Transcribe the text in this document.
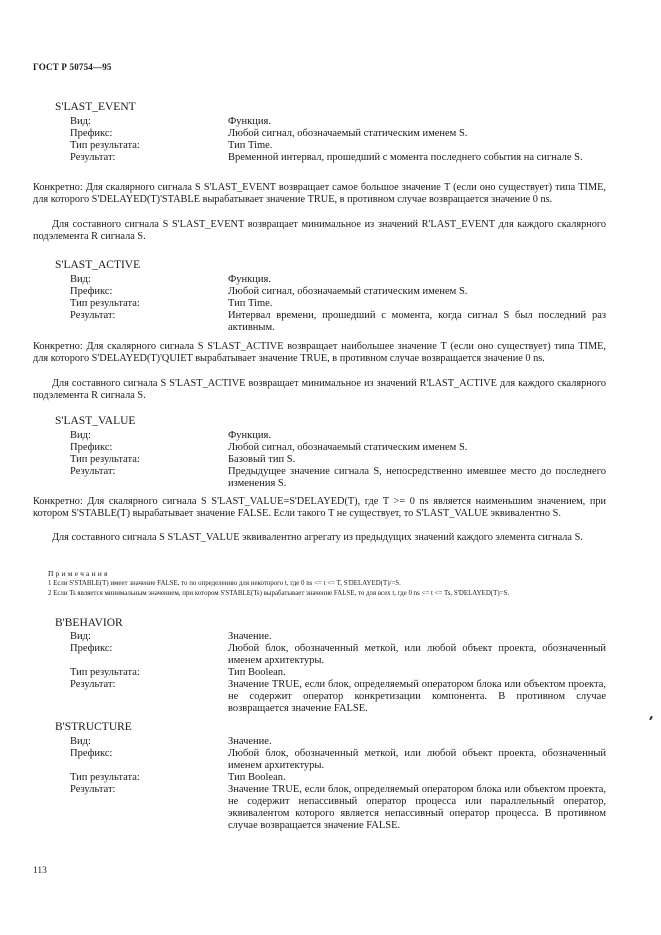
ГОСТ Р 50754—95
S'LAST_EVENT
Вид:	Функция.
Префикс:	Любой сигнал, обозначаемый статическим именем S.
Тип результата:	Тип Time.
Результат:	Временной интервал, прошедший с момента последнего события на сигнале S.
Конкретно: Для скалярного сигнала S S'LAST_EVENT возвращает самое большое значение T (если оно существует) типа TIME, для которого S'DELAYED(T)'STABLE вырабатывает значение TRUE, в противном случае возвращается значение 0 ns.
Для составного сигнала S S'LAST_EVENT возвращает минимальное из значений R'LAST_EVENT для каждого скалярного подэлемента R сигнала S.
S'LAST_ACTIVE
Вид:	Функция.
Префикс:	Любой сигнал, обозначаемый статическим именем S.
Тип результата:	Тип Time.
Результат:	Интервал времени, прошедший с момента, когда сигнал S был последний раз активным.
Конкретно: Для скалярного сигнала S S'LAST_ACTIVE возвращает наибольшее значение T (если оно существует) типа TIME, для которого S'DELAYED(T)'QUIET вырабатывает значение TRUE, в противном случае возвращается значение 0 ns.
Для составного сигнала S S'LAST_ACTIVE возвращает минимальное из значений R'LAST_ACTIVE для каждого скалярного подэлемента R сигнала S.
S'LAST_VALUE
Вид:	Функция.
Префикс:	Любой сигнал, обозначаемый статическим именем S.
Тип результата:	Базовый тип S.
Результат:	Предыдущее значение сигнала S, непосредственно имевшее место до последнего изменения S.
Конкретно: Для скалярного сигнала S S'LAST_VALUE=S'DELAYED(T), где T >= 0 ns является наименьшим значением, при котором S'STABLE(T) вырабатывает значение FALSE. Если такого T не существует, то S'LAST_VALUE эквивалентно S.
Для составного сигнала S S'LAST_VALUE эквивалентно агрегату из предыдущих значений каждого элемента сигнала S.
Примечания
1 Если S'STABLE(T) имеет значение FALSE, то по определению для некоторого t, где 0 ns <= t <= T, S'DELAYED(T)/=S.
2 Если Ts является минимальным значением, при котором S'STABLE(Ts) вырабатывает значение FALSE, то для всех t, где 0 ns <= t <= Ts, S'DELAYED(T)=S.
B'BEHAVIOR
Вид:	Значение.
Префикс:	Любой блок, обозначенный меткой, или любой объект проекта, обозначенный именем архитектуры.
Тип результата:	Тип Boolean.
Результат:	Значение TRUE, если блок, определяемый оператором блока или объектом проекта, не содержит оператор конкретизации компонента. В противном случае возвращается значение FALSE.
B'STRUCTURE
Вид:	Значение.
Префикс:	Любой блок, обозначенный меткой, или любой объект проекта, обозначенный именем архитектуры.
Тип результата:	Тип Boolean.
Результат:	Значение TRUE, если блок, определяемый оператором блока или объектом проекта, не содержит непассивный оператор процесса или параллельный оператор, эквивалентом которого является непассивный оператор процесса. В противном случае возвращается значение FALSE.
113
